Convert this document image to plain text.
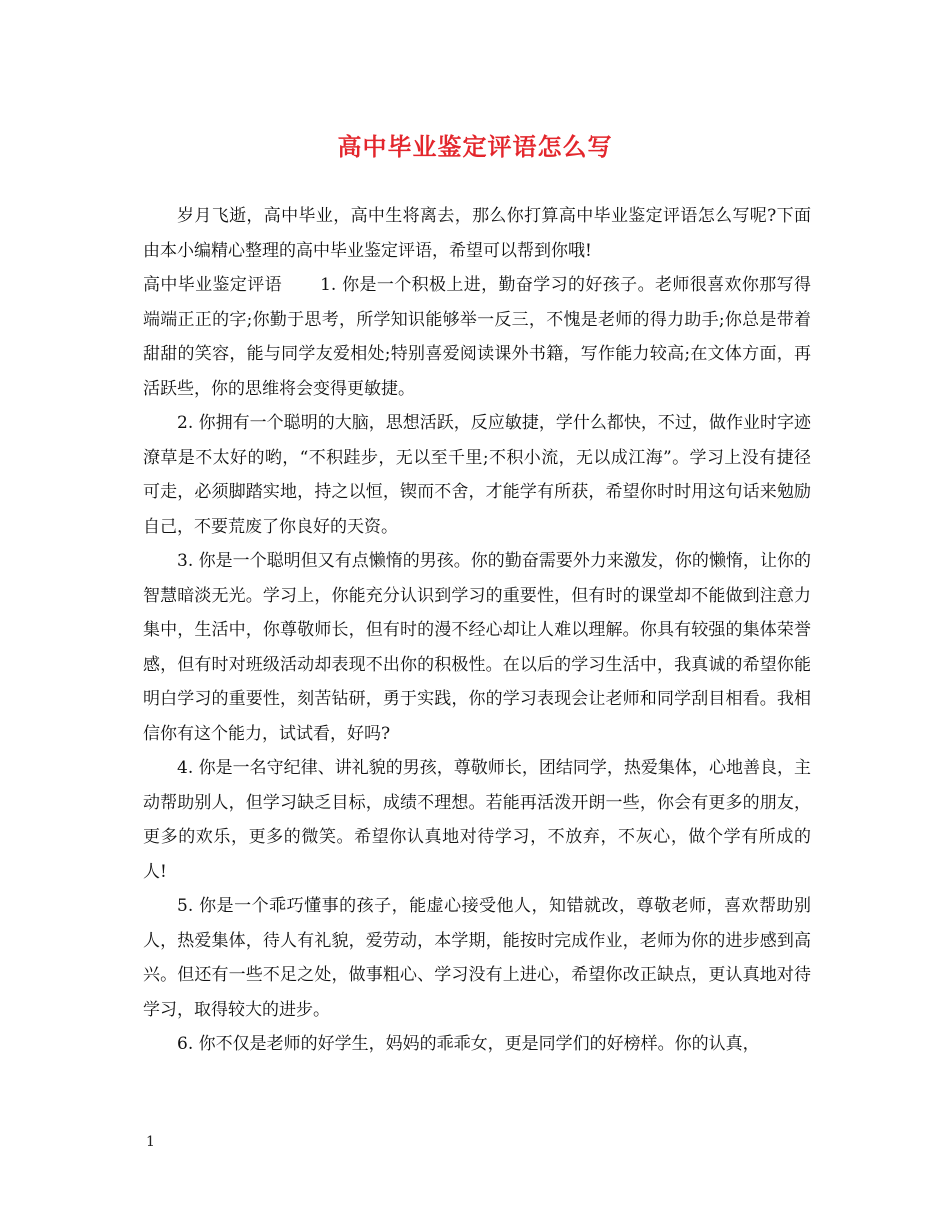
高中毕业鉴定评语怎么写

岁月飞逝，高中毕业，高中生将离去，那么你打算高中毕业鉴定评语怎么写呢?下面由本小编精心整理的高中毕业鉴定评语，希望可以帮到你哦!

高中毕业鉴定评语 1. 你是一个积极上进，勤奋学习的好孩子。老师很喜欢你那写得端端正正的字;你勤于思考，所学知识能够举一反三，不愧是老师的得力助手;你总是带着甜甜的笑容，能与同学友爱相处;特别喜爱阅读课外书籍，写作能力较高;在文体方面，再活跃些，你的思维将会变得更敏捷。

2. 你拥有一个聪明的大脑，思想活跃，反应敏捷，学什么都快，不过，做作业时字迹潦草是不太好的哟，“不积跬步，无以至千里;不积小流，无以成江海”。学习上没有捷径可走，必须脚踏实地，持之以恒，锲而不舍，才能学有所获，希望你时时用这句话来勉励自己，不要荒废了你良好的天资。

3. 你是一个聪明但又有点懒惰的男孩。你的勤奋需要外力来激发，你的懒惰，让你的智慧暗淡无光。学习上，你能充分认识到学习的重要性，但有时的课堂却不能做到注意力集中，生活中，你尊敬师长，但有时的漫不经心却让人难以理解。你具有较强的集体荣誉感，但有时对班级活动却表现不出你的积极性。在以后的学习生活中，我真诚的希望你能明白学习的重要性，刻苦钻研，勇于实践，你的学习表现会让老师和同学刮目相看。我相信你有这个能力，试试看，好吗?

4. 你是一名守纪律、讲礼貌的男孩，尊敬师长，团结同学，热爱集体，心地善良，主动帮助别人，但学习缺乏目标，成绩不理想。若能再活泼开朗一些，你会有更多的朋友，更多的欢乐，更多的微笑。希望你认真地对待学习，不放弃，不灰心，做个学有所成的人!

5. 你是一个乖巧懂事的孩子，能虚心接受他人，知错就改，尊敬老师，喜欢帮助别人，热爱集体，待人有礼貌，爱劳动，本学期，能按时完成作业，老师为你的进步感到高兴。但还有一些不足之处，做事粗心、学习没有上进心，希望你改正缺点，更认真地对待学习，取得较大的进步。

6. 你不仅是老师的好学生，妈妈的乖乖女，更是同学们的好榜样。你的认真，

1
